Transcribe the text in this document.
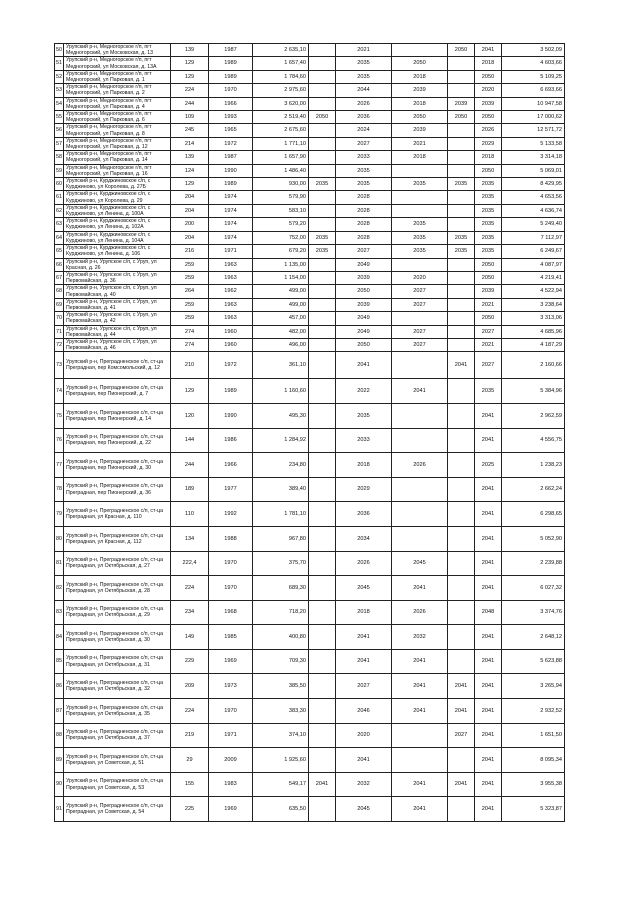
50	Урупский р-н, Медногорское г/п, пгт Медногорский, ул Московская, д. 13	139	1987	2 635,10		2021		2050	2041	3 502,09
51	Урупский р-н, Медногорское г/п, пгт Медногорский, ул Московская, д. 13А	129	1989	1 657,40		2035	2050		2018	4 603,66
52	Урупский р-н, Медногорское г/п, пгт Медногорский, ул Парковая, д. 1	129	1989	1 784,60		2035	2018		2050	5 109,25
53	Урупский р-н, Медногорское г/п, пгт Медногорский, ул Парковая, д. 2	224	1970	2 975,60		2044	2039		2020	6 693,66
54	Урупский р-н, Медногорское г/п, пгт Медногорский, ул Парковая, д. 4	244	1966	3 620,00		2026	2018	2039	2039	10 947,58
55	Урупский р-н, Медногорское г/п, пгт Медногорский, ул Парковая, д. 6	109	1993	2 519,40	2050	2036	2050	2050	2050	17 000,62
56	Урупский р-н, Медногорское г/п, пгт Медногорский, ул Парковая, д. 8	245	1965	2 675,60		2024	2039		2026	12 571,72
57	Урупский р-н, Медногорское г/п, пгт Медногорский, ул Парковая, д. 12	214	1972	1 771,10		2027	2021		2029	5 133,58
58	Урупский р-н, Медногорское г/п, пгт Медногорский, ул Парковая, д. 14	139	1987	1 657,90		2033	2018		2018	3 314,18
59	Урупский р-н, Медногорское г/п, пгт Медногорский, ул Парковая, д. 16	124	1990	1 486,40		2035			2050	5 069,01
60	Урупский р-н, Курджиновское с/п, с Курджиново, ул Королева, д. 27Б	129	1989	930,00	2035	2035	2035	2035	2035	8 429,95
61	Урупский р-н, Курджиновское с/п, с Курджиново, ул Королева, д. 29	204	1974	579,90		2028			2035	4 653,56
62	Урупский р-н, Курджиновское с/п, с Курджиново, ул Ленина, д. 100А	204	1974	583,10		2028			2035	4 636,74
63	Урупский р-н, Курджиновское с/п, с Курджиново, ул Ленина, д. 102А	200	1974	579,20		2028	2035		2035	5 249,40
64	Урупский р-н, Курджиновское с/п, с Курджиново, ул Ленина, д. 104А	204	1974	752,00	2035	2028	2035	2035	2035	7 112,97
65	Урупский р-н, Курджиновское с/п, с Курджиново, ул Ленина, д. 106	216	1971	679,20	2035	2027	2035	2035	2035	6 249,67
66	Урупский р-н, Урупское с/п, с Уруп, ул Красная, д. 26	259	1963	1 135,00		2049			2050	4 087,97
67	Урупский р-н, Урупское с/п, с Уруп, ул Первомайская, д. 36	259	1963	1 154,00		2039	2020		2050	4 219,41
68	Урупский р-н, Урупское с/п, с Уруп, ул Первомайская, д. 40	264	1962	499,00		2050	2027		2039	4 522,94
69	Урупский р-н, Урупское с/п, с Уруп, ул Первомайская, д. 41	259	1963	499,00		2039	2027		2021	3 238,64
70	Урупский р-н, Урупское с/п, с Уруп, ул Первомайская, д. 42	259	1963	457,00		2049			2050	3 313,06
71	Урупский р-н, Урупское с/п, с Уруп, ул Первомайская, д. 44	274	1960	482,00		2049	2027		2027	4 685,96
72	Урупский р-н, Урупское с/п, с Уруп, ул Первомайская, д. 46	274	1960	496,00		2050	2027		2021	4 187,29
73	Урупский р-н, Преградненское с/п, ст-ца Преградная, пер Комсомольский, д. 12	210	1972	361,10		2041		2041	2027	2 160,66
74	Урупский р-н, Преградненское с/п, ст-ца Преградная, пер Пионерский, д. 7	129	1989	1 160,60		2022	2041		2035	5 384,96
75	Урупский р-н, Преградненское с/п, ст-ца Преградная, пер Пионерский, д. 14	120	1990	495,30		2035			2041	2 962,59
76	Урупский р-н, Преградненское с/п, ст-ца Преградная, пер Пионерский, д. 22	144	1986	1 284,92		2033			2041	4 556,75
77	Урупский р-н, Преградненское с/п, ст-ца Преградная, пер Пионерский, д. 30	244	1966	234,80		2018	2026		2025	1 238,23
78	Урупский р-н, Преградненское с/п, ст-ца Преградная, пер Пионерский, д. 36	189	1977	389,40		2029			2041	2 662,24
79	Урупский р-н, Преградненское с/п, ст-ца Преградная, ул Красная, д. 110	110	1992	1 781,10		2036			2041	6 298,65
80	Урупский р-н, Преградненское с/п, ст-ца Преградная, ул Красная, д. 112	134	1988	967,80		2034			2041	5 052,90
81	Урупский р-н, Преградненское с/п, ст-ца Преградная, ул Октябрьская, д. 27	222,4	1970	375,70		2026	2045		2041	2 239,88
82	Урупский р-н, Преградненское с/п, ст-ца Преградная, ул Октябрьская, д. 28	224	1970	689,30		2045	2041		2041	6 027,32
83	Урупский р-н, Преградненское с/п, ст-ца Преградная, ул Октябрьская, д. 29	234	1968	718,20		2018	2026		2048	3 374,76
84	Урупский р-н, Преградненское с/п, ст-ца Преградная, ул Октябрьская, д. 30	149	1985	400,80		2041	2032		2041	2 648,12
85	Урупский р-н, Преградненское с/п, ст-ца Преградная, ул Октябрьская, д. 31	229	1969	709,30		2041	2041		2041	5 623,88
86	Урупский р-н, Преградненское с/п, ст-ца Преградная, ул Октябрьская, д. 32	209	1973	385,50		2027	2041	2041	2041	3 265,94
87	Урупский р-н, Преградненское с/п, ст-ца Преградная, ул Октябрьская, д. 35	224	1970	383,30		2046	2041	2041	2041	2 932,52
88	Урупский р-н, Преградненское с/п, ст-ца Преградная, ул Октябрьская, д. 37	219	1971	374,10		2020		2027	2041	1 651,50
89	Урупский р-н, Преградненское с/п, ст-ца Преградная, ул Советская, д. 51	29	2009	1 925,60		2041			2041	8 095,34
90	Урупский р-н, Преградненское с/п, ст-ца Преградная, ул Советская, д. 53	155	1983	549,17	2041	2032	2041	2041	2041	3 955,38
91	Урупский р-н, Преградненское с/п, ст-ца Преградная, ул Советская, д. 54	225	1969	635,50		2045	2041		2041	5 323,87
